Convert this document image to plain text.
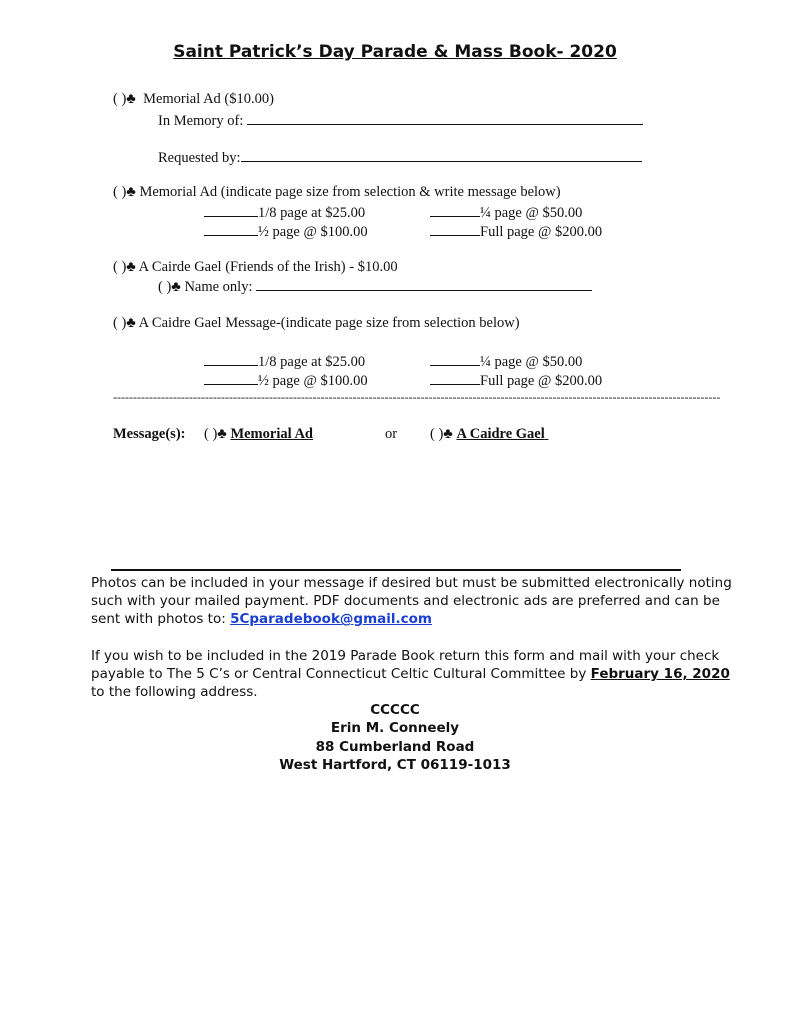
Saint Patrick’s Day Parade & Mass Book- 2020
( )♣ Memorial Ad ($10.00)
In Memory of:
Requested by:
( )♣ Memorial Ad (indicate page size from selection & write message below)
1/8 page at $25.00	¼ page @ $50.00
½ page @ $100.00	Full page @ $200.00
( )♣ A Cairde Gael (Friends of the Irish) - $10.00
( )♣ Name only:
( )♣ A Caidre Gael Message-(indicate page size from selection below)
1/8 page at $25.00	¼ page @ $50.00
½ page @ $100.00	Full page @ $200.00
--------------------------------------------------------------------------------------------------------------------------------------------------------
Message(s): ( )♣ Memorial Ad	or ( )♣ A Caidre Gael
Photos can be included in your message if desired but must be submitted electronically noting
such with your mailed payment. PDF documents and electronic ads are preferred and can be
sent with photos to: 5Cparadebook@gmail.com
If you wish to be included in the 2019 Parade Book return this form and mail with your check
payable to The 5 C’s or Central Connecticut Celtic Cultural Committee by February 16, 2020
to the following address.
CCCCC
Erin M. Conneely
88 Cumberland Road
West Hartford, CT 06119-1013
